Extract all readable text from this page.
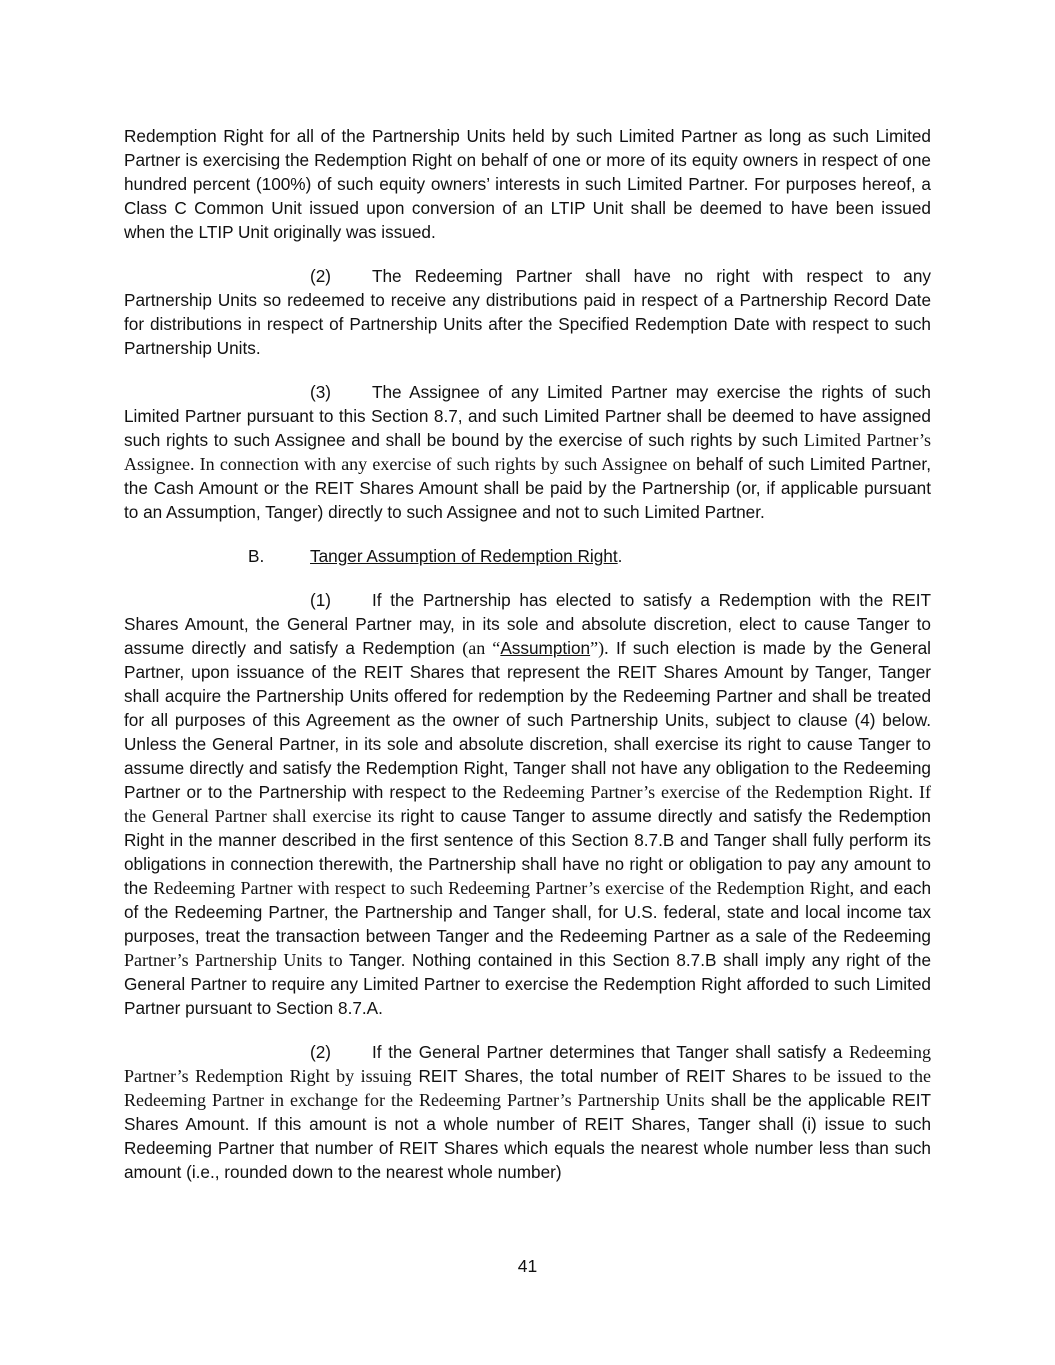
Redemption Right for all of the Partnership Units held by such Limited Partner as long as such Limited Partner is exercising the Redemption Right on behalf of one or more of its equity owners in respect of one hundred percent (100%) of such equity owners’ interests in such Limited Partner. For purposes hereof, a Class C Common Unit issued upon conversion of an LTIP Unit shall be deemed to have been issued when the LTIP Unit originally was issued.

(2) The Redeeming Partner shall have no right with respect to any Partnership Units so redeemed to receive any distributions paid in respect of a Partnership Record Date for distributions in respect of Partnership Units after the Specified Redemption Date with respect to such Partnership Units.

(3) The Assignee of any Limited Partner may exercise the rights of such Limited Partner pursuant to this Section 8.7, and such Limited Partner shall be deemed to have assigned such rights to such Assignee and shall be bound by the exercise of such rights by such Limited Partner’s Assignee. In connection with any exercise of such rights by such Assignee on behalf of such Limited Partner, the Cash Amount or the REIT Shares Amount shall be paid by the Partnership (or, if applicable pursuant to an Assumption, Tanger) directly to such Assignee and not to such Limited Partner.

B.	Tanger Assumption of Redemption Right.

(1) If the Partnership has elected to satisfy a Redemption with the REIT Shares Amount, the General Partner may, in its sole and absolute discretion, elect to cause Tanger to assume directly and satisfy a Redemption (an “Assumption”). If such election is made by the General Partner, upon issuance of the REIT Shares that represent the REIT Shares Amount by Tanger, Tanger shall acquire the Partnership Units offered for redemption by the Redeeming Partner and shall be treated for all purposes of this Agreement as the owner of such Partnership Units, subject to clause (4) below. Unless the General Partner, in its sole and absolute discretion, shall exercise its right to cause Tanger to assume directly and satisfy the Redemption Right, Tanger shall not have any obligation to the Redeeming Partner or to the Partnership with respect to the Redeeming Partner’s exercise of the Redemption Right. If the General Partner shall exercise its right to cause Tanger to assume directly and satisfy the Redemption Right in the manner described in the first sentence of this Section 8.7.B and Tanger shall fully perform its obligations in connection therewith, the Partnership shall have no right or obligation to pay any amount to the Redeeming Partner with respect to such Redeeming Partner’s exercise of the Redemption Right, and each of the Redeeming Partner, the Partnership and Tanger shall, for U.S. federal, state and local income tax purposes, treat the transaction between Tanger and the Redeeming Partner as a sale of the Redeeming Partner’s Partnership Units to Tanger. Nothing contained in this Section 8.7.B shall imply any right of the General Partner to require any Limited Partner to exercise the Redemption Right afforded to such Limited Partner pursuant to Section 8.7.A.

(2) If the General Partner determines that Tanger shall satisfy a Redeeming Partner’s Redemption Right by issuing REIT Shares, the total number of REIT Shares to be issued to the Redeeming Partner in exchange for the Redeeming Partner’s Partnership Units shall be the applicable REIT Shares Amount. If this amount is not a whole number of REIT Shares, Tanger shall (i) issue to such Redeeming Partner that number of REIT Shares which equals the nearest whole number less than such amount (i.e., rounded down to the nearest whole number)

41
